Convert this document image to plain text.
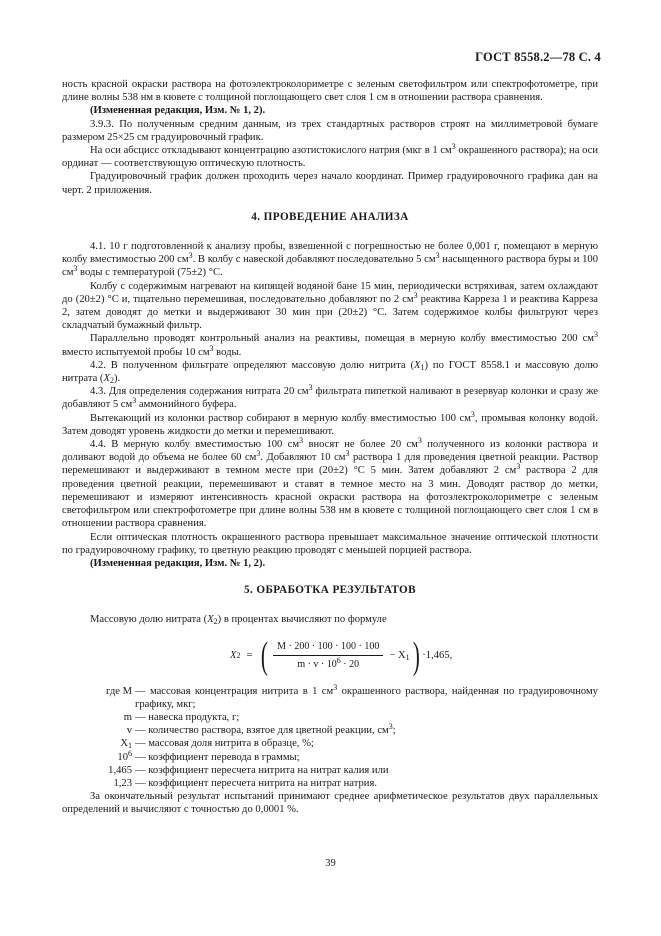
ГОСТ 8558.2—78 С. 4

ность красной окраски раствора на фотоэлектроколориметре с зеленым светофильтром или спектрофотометре, при длине волны 538 нм в кювете с толщиной поглощающего свет слоя 1 см в отношении раствора сравнения.

(Измененная редакция, Изм. № 1, 2).

3.9.3. По полученным средним данным, из трех стандартных растворов строят на миллиметровой бумаге размером 25×25 см градуировочный график.

На оси абсцисс откладывают концентрацию азотистокислого натрия (мкг в 1 $см^3$ окрашенного раствора); на оси ординат — соответствующую оптическую плотность.

Градуировочный график должен проходить через начало координат. Пример градуировочного графика дан на черт. 2 приложения.

4. ПРОВЕДЕНИЕ АНАЛИЗА

4.1. 10 г подготовленной к анализу пробы, взвешенной с погрешностью не более 0,001 г, помещают в мерную колбу вместимостью 200 $см^3$. В колбу с навеской добавляют последовательно 5 $см^3$ насыщенного раствора буры и 100 $см^3$ воды с температурой (75±2) °С.

Колбу с содержимым нагревают на кипящей водяной бане 15 мин, периодически встряхивая, затем охлаждают до (20±2) °С и, тщательно перемешивая, последовательно добавляют по 2 $см^3$ реактива Карреза 1 и реактива Карреза 2, затем доводят до метки и выдерживают 30 мин при (20±2) °С. Затем содержимое колбы фильтруют через складчатый бумажный фильтр.

Параллельно проводят контрольный анализ на реактивы, помещая в мерную колбу вместимостью 200 $см^3$ вместо испытуемой пробы 10 $см^3$ воды.

4.2. В полученном фильтрате определяют массовую долю нитрита $(X_1)$ по ГОСТ 8558.1 и массовую долю нитрата $(X_2)$.

4.3. Для определения содержания нитрата 20 $см^3$ фильтрата пипеткой наливают в резервуар колонки и сразу же добавляют 5 $см^3$ аммонийного буфера.

Вытекающий из колонки раствор собирают в мерную колбу вместимостью 100 $см^3$, промывая колонку водой. Затем доводят уровень жидкости до метки и перемешивают.

4.4. В мерную колбу вместимостью 100 $см^3$ вносят не более 20 $см^3$ полученного из колонки раствора и доливают водой до объема не более 60 $см^3$. Добавляют 10 $см^3$ раствора 1 для проведения цветной реакции. Раствор перемешивают и выдерживают в темном месте при (20±2) °С 5 мин. Затем добавляют 2 $см^3$ раствора 2 для проведения цветной реакции, перемешивают и ставят в темное место на 3 мин. Доводят раствор до метки, перемешивают и измеряют интенсивность красной окраски раствора на фотоэлектроколориметре с зеленым светофильтром или спектрофотометре при длине волны 538 нм в кювете с толщиной поглощающего свет слоя 1 см в отношении раствора сравнения.

Если оптическая плотность окрашенного раствора превышает максимальное значение оптической плотности по градуировочному графику, то цветную реакцию проводят с меньшей порцией раствора.

(Измененная редакция, Изм. № 1, 2).

5. ОБРАБОТКА РЕЗУЛЬТАТОВ

Массовую долю нитрата $(X_2)$ в процентах вычисляют по формуле

X 2 = ( $\frac{M \cdot 200 \cdot 100 \cdot 100 \cdot 100}{m \cdot v \cdot 10^6 \cdot 20} - X_1$ ) ·1,465,
где M — массовая концентрация нитрита в 1 $см^3$ окрашенного раствора, найденная по градуировочному графику, мкг;
m — навеска продукта, г;
v — количество раствора, взятое для цветной реакции, $см^3$;
$X_1$ — массовая доля нитрита в образце, %;
$10^6$ — коэффициент перевода в граммы;
1,465 — коэффициент пересчета нитрита на нитрат калия или
1,23 — коэффициент пересчета нитрита на нитрат натрия.

За окончательный результат испытаний принимают среднее арифметическое результатов двух параллельных определений и вычисляют с точностью до 0,0001 %.

39
